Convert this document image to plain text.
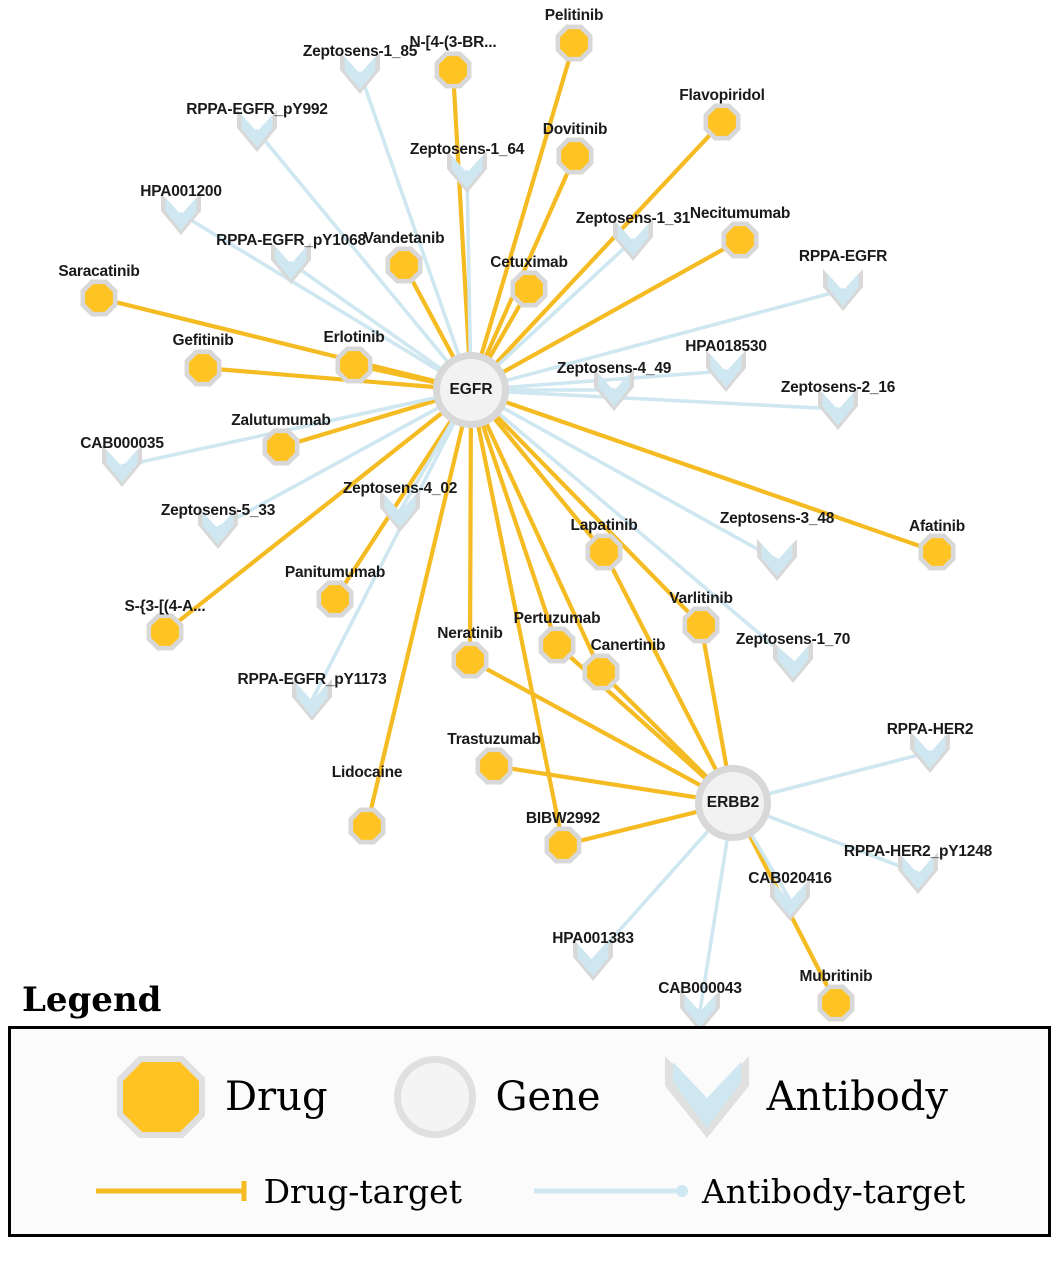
Zeptosens-1_85
RPPA-EGFR_pY992
Zeptosens-1_64
HPA001200
Zeptosens-1_31
RPPA-EGFR_pY1068
RPPA-EGFR
HPA018530
Zeptosens-4_49
Zeptosens-2_16
CAB000035
Zeptosens-4_02
Zeptosens-5_33	Zeptosens-3_48
Zeptosens-1_70
RPPA-EGFR_pY1173
RPPA-HER2
RPPA-HER2_pY1248
CAB020416
HPA001383
CAB000043
Pelitinib
N-[4-(3-BR...
Flavopiridol
Dovitinib
Necitumumab
Vandetanib
Cetuximab
Saracatinib
Gefitinib	Erlotinib
Zalutumumab
Afatinib
Lapatinib
Varlitinib
Panitumumab
S-{3-[(4-A...
Pertuzumab
Neratinib
Canertinib
Trastuzumab
Lidocaine
BIBW2992
Mubritinib
EGFR
ERBB2
Legend
Drug	Gene	Antibody
Drug-target	Antibody-target
